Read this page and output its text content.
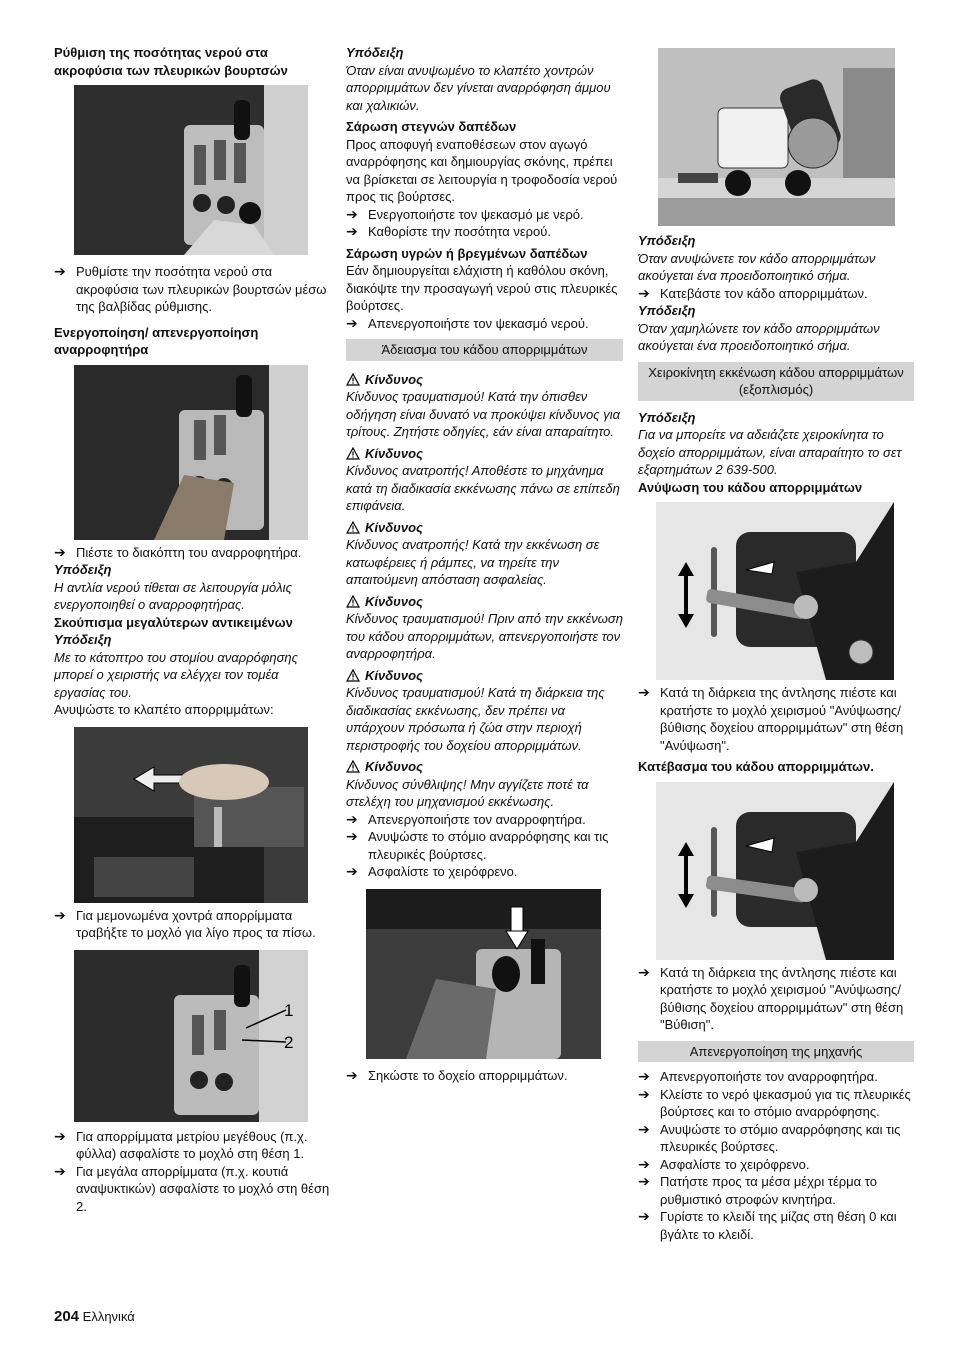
Ρύθμιση της ποσότητας νερού στα ακροφύσια των πλευρικών βουρτσών

➔ Ρυθμίστε την ποσότητα νερού στα ακροφύσια των πλευρικών βουρτσών μέσω της βαλβίδας ρύθμισης.

Ενεργοποίηση/ απενεργοποίηση αναρροφητήρα

➔ Πιέστε το διακόπτη του αναρροφητήρα.

Υπόδειξη

Η αντλία νερού τίθεται σε λειτουργία μόλις ενεργοποιηθεί ο αναρροφητήρας.

Σκούπισμα μεγαλύτερων αντικειμένων

Υπόδειξη

Με το κάτοπτρο του στομίου αναρρόφησης μπορεί ο χειριστής να ελέγχει τον τομέα εργασίας του.

Ανυψώστε το κλαπέτο απορριμμάτων:

➔ Για μεμονωμένα χοντρά απορρίμματα τραβήξτε το μοχλό για λίγο προς τα πίσω.
1
2
➔ Για απορρίμματα μετρίου μεγέθους (π.χ. φύλλα) ασφαλίστε το μοχλό στη θέση 1.
➔ Για μεγάλα απορρίμματα (π.χ. κουτιά αναψυκτικών) ασφαλίστε το μοχλό στη θέση 2.

Υπόδειξη

Όταν είναι ανυψωμένο το κλαπέτο χοντρών απορριμμάτων δεν γίνεται αναρρόφηση άμμου και χαλικιών.

Σάρωση στεγνών δαπέδων

Προς αποφυγή εναποθέσεων στον αγωγό αναρρόφησης και δημιουργίας σκόνης, πρέπει να βρίσκεται σε λειτουργία η τροφοδοσία νερού προς τις βούρτσες.

➔ Ενεργοποιήστε τον ψεκασμό με νερό.
➔ Καθορίστε την ποσότητα νερού.

Σάρωση υγρών ή βρεγμένων δαπέδων

Εάν δημιουργείται ελάχιστη ή καθόλου σκόνη, διακόψτε την προσαγωγή νερού στις πλευρικές βούρτσες.

➔ Απενεργοποιήστε τον ψεκασμό νερού.
Άδειασμα του κάδου απορριμμάτων
Κίνδυνος

Κίνδυνος τραυματισμού! Κατά την όπισθεν οδήγηση είναι δυνατό να προκύψει κίνδυνος για τρίτους. Ζητήστε οδηγίες, εάν είναι απαραίτητο.

Κίνδυνος

Κίνδυνος ανατροπής! Αποθέστε το μηχάνημα κατά τη διαδικασία εκκένωσης πάνω σε επίπεδη επιφάνεια.

Κίνδυνος

Κίνδυνος ανατροπής! Κατά την εκκένωση σε κατωφέρειες ή ράμπες, να τηρείτε την απαιτούμενη απόσταση ασφαλείας.

Κίνδυνος

Κίνδυνος τραυματισμού! Πριν από την εκκένωση του κάδου απορριμμάτων, απενεργοποιήστε τον αναρροφητήρα.

Κίνδυνος

Κίνδυνος τραυματισμού! Κατά τη διάρκεια της διαδικασίας εκκένωσης, δεν πρέπει να υπάρχουν πρόσωπα ή ζώα στην περιοχή περιστροφής του δοχείου απορριμμάτων.

Κίνδυνος

Κίνδυνος σύνθλιψης! Μην αγγίζετε ποτέ τα στελέχη του μηχανισμού εκκένωσης.

➔ Απενεργοποιήστε τον αναρροφητήρα.
➔ Ανυψώστε το στόμιο αναρρόφησης και τις πλευρικές βούρτσες.
➔ Ασφαλίστε το χειρόφρενο.
➔ Σηκώστε το δοχείο απορριμμάτων.

Υπόδειξη

Όταν ανυψώνετε τον κάδο απορριμμάτων ακούγεται ένα προειδοποιητικό σήμα.

➔ Κατεβάστε τον κάδο απορριμμάτων.

Υπόδειξη

Όταν χαμηλώνετε τον κάδο απορριμμάτων ακούγεται ένα προειδοποιητικό σήμα.

Χειροκίνητη εκκένωση κάδου απορριμμάτων (εξοπλισμός)

Υπόδειξη

Για να μπορείτε να αδειάζετε χειροκίνητα το δοχείο απορριμμάτων, είναι απαραίτητο το σετ εξαρτημάτων 2 639-500.

Ανύψωση του κάδου απορριμμάτων

➔ Κατά τη διάρκεια της άντλησης πιέστε και κρατήστε το μοχλό χειρισμού "Ανύψωσης/βύθισης δοχείου απορριμμάτων" στη θέση "Ανύψωση".

Κατέβασμα του κάδου απορριμμάτων.

➔ Κατά τη διάρκεια της άντλησης πιέστε και κρατήστε το μοχλό χειρισμού "Ανύψωσης/βύθισης δοχείου απορριμμάτων" στη θέση "Βύθιση".
Απενεργοποίηση της μηχανής
➔ Απενεργοποιήστε τον αναρροφητήρα.
➔ Κλείστε το νερό ψεκασμού για τις πλευρικές βούρτσες και το στόμιο αναρρόφησης.
➔ Ανυψώστε το στόμιο αναρρόφησης και τις πλευρικές βούρτσες.
➔ Ασφαλίστε το χειρόφρενο.
➔ Πατήστε προς τα μέσα μέχρι τέρμα το ρυθμιστικό στροφών κινητήρα.
➔ Γυρίστε το κλειδί της μίζας στη θέση 0 και βγάλτε το κλειδί.
204 Ελληνικά
